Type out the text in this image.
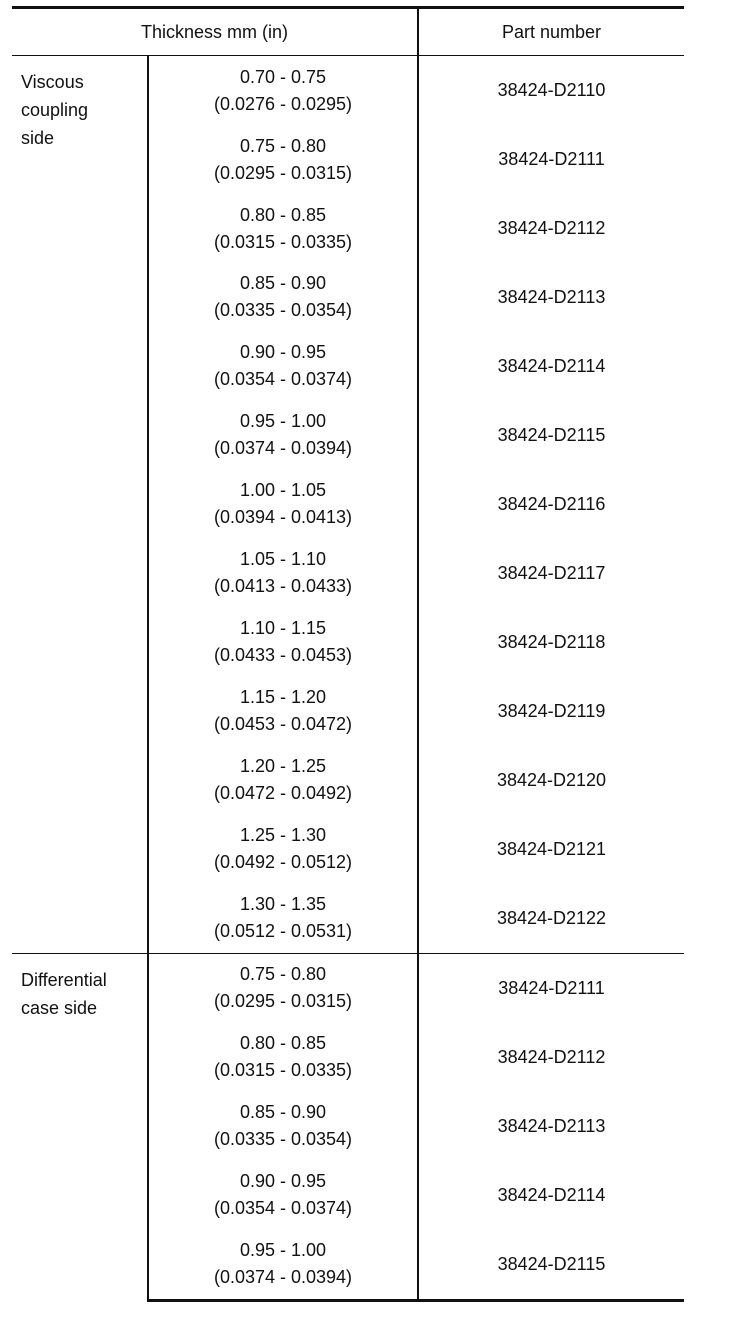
Thickness mm (in)		Part number

Viscous
coupling
side	0.70 - 0.75
(0.0276 - 0.0295)	38424-D2110

	0.75 - 0.80
(0.0295 - 0.0315)	38424-D2111

	0.80 - 0.85
(0.0315 - 0.0335)	38424-D2112

	0.85 - 0.90
(0.0335 - 0.0354)	38424-D2113

	0.90 - 0.95
(0.0354 - 0.0374)	38424-D2114

	0.95 - 1.00
(0.0374 - 0.0394)	38424-D2115

	1.00 - 1.05
(0.0394 - 0.0413)	38424-D2116

	1.05 - 1.10
(0.0413 - 0.0433)	38424-D2117

	1.10 - 1.15
(0.0433 - 0.0453)	38424-D2118

	1.15 - 1.20
(0.0453 - 0.0472)	38424-D2119

	1.20 - 1.25
(0.0472 - 0.0492)	38424-D2120

	1.25 - 1.30
(0.0492 - 0.0512)	38424-D2121

	1.30 - 1.35
(0.0512 - 0.0531)	38424-D2122

Differential
case side	0.75 - 0.80
(0.0295 - 0.0315)	38424-D2111

	0.80 - 0.85
(0.0315 - 0.0335)	38424-D2112

	0.85 - 0.90
(0.0335 - 0.0354)	38424-D2113

	0.90 - 0.95
(0.0354 - 0.0374)	38424-D2114

	0.95 - 1.00
(0.0374 - 0.0394)	38424-D2115
